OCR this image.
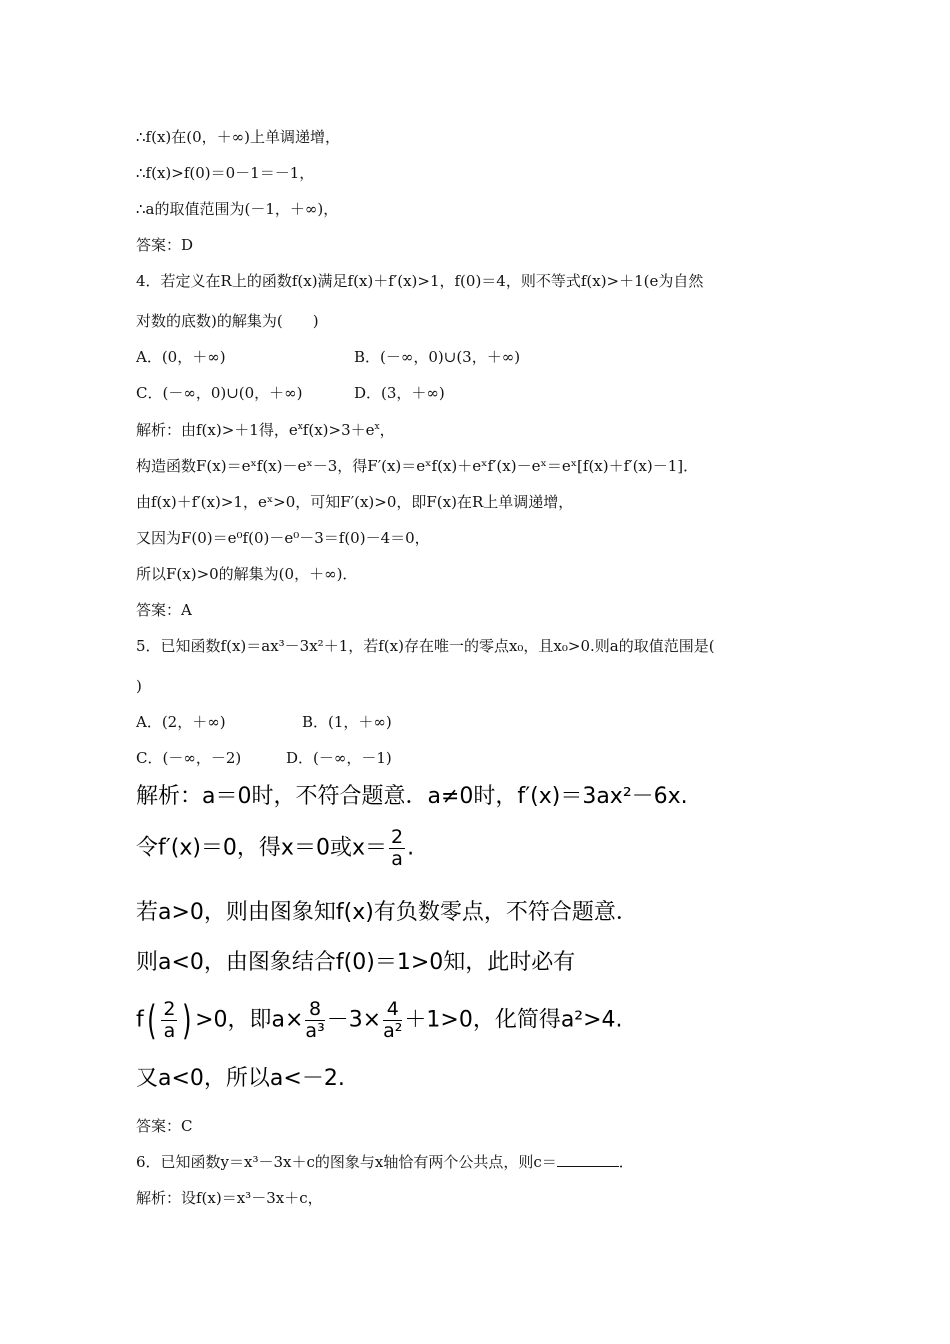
∴f(x)在(0，＋∞)上单调递增，
∴f(x)>f(0)＝0－1＝－1，
∴a的取值范围为(－1，＋∞)，
答案：D
4．若定义在R上的函数f(x)满足f(x)＋f′(x)>1，f(0)＝4，则不等式f(x)>＋1(e为自然
对数的底数)的解集为(　　)
A．(0，＋∞)	B．(－∞，0)∪(3，＋∞)
C．(－∞，0)∪(0，＋∞)	D．(3，＋∞)
解析：由f(x)>＋1得，$e^xf(x)>3+e^x$，
构造函数F(x)＝eˣf(x)－eˣ－3，得F′(x)＝eˣf(x)＋eˣf′(x)－eˣ＝eˣ[f(x)＋f′(x)－1]．
由f(x)＋f′(x)>1，eˣ>0，可知F′(x)>0，即F(x)在R上单调递增，
又因为F(0)＝e⁰f(0)－e⁰－3＝f(0)－4＝0，
所以F(x)>0的解集为(0，＋∞)．
答案：A
5．已知函数f(x)＝ax³－3x²＋1，若f(x)存在唯一的零点x₀，且x₀>0.则a的取值范围是(
)
A．(2，＋∞)	B．(1，＋∞)
C．(－∞，－2)	D．(－∞，－1)
解析：a＝0时，不符合题意．a≠0时，f′(x)＝3ax²－6x.
令f′(x)＝0，得x＝0或$x= \frac{2}{a}$ .
若a>0，则由图象知f(x)有负数零点，不符合题意．
则a<0，由图象结合f(0)＝1>0知，此时必有
$f( \frac{2}{a}$ ) >0，即$a\times \frac{8}{\text{a³}} -3\times \frac{4}{\text{a²}} +1>0$，化简得a²>4.
又a<0，所以a<－2.
答案：C
6．已知函数y＝x³－3x＋c的图象与x轴恰有两个公共点，则c＝	．
解析：设f(x)＝x³－3x＋c，
